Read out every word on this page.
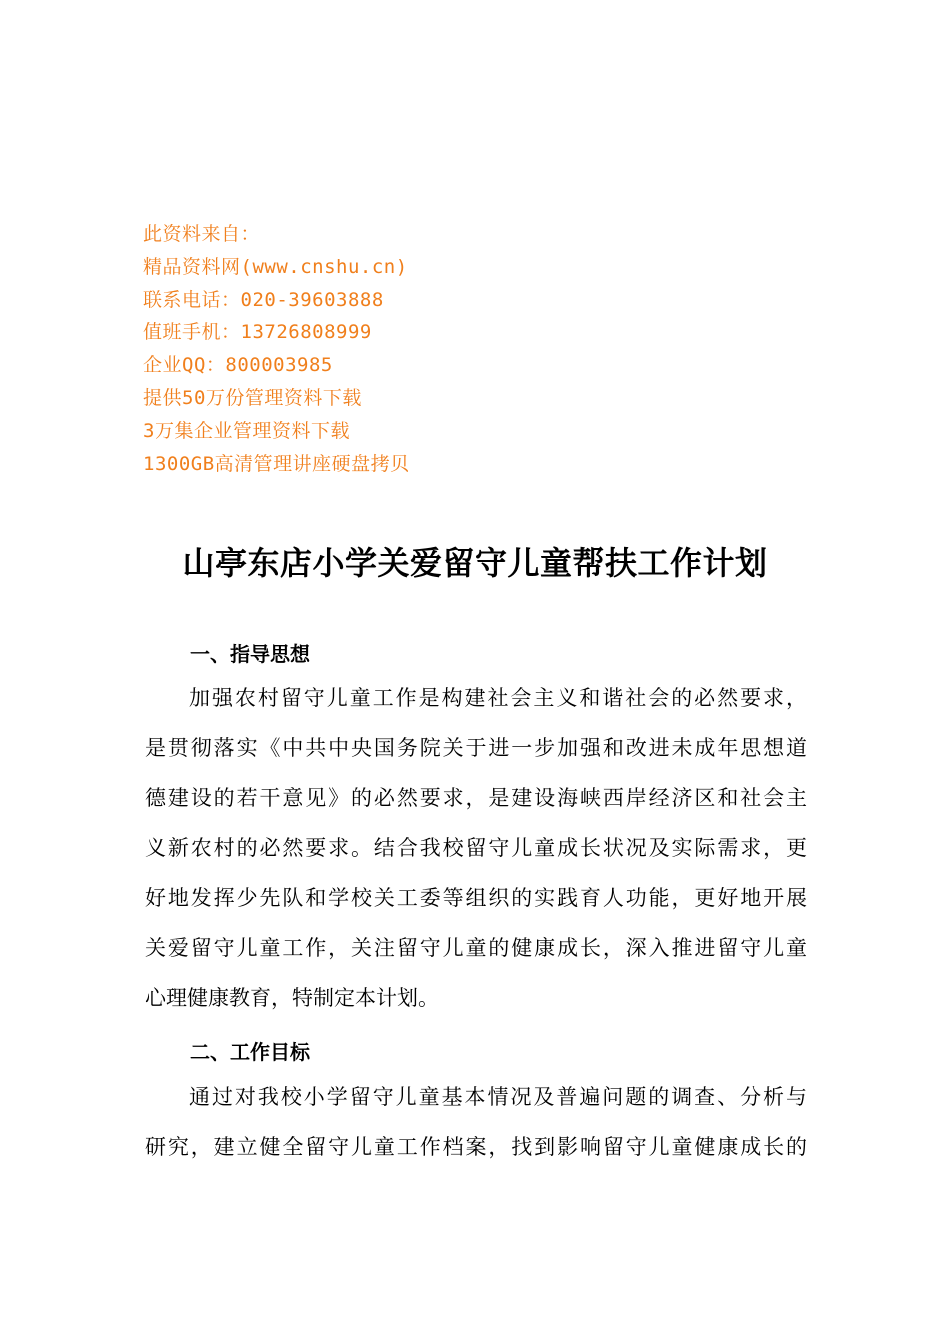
此资料来自：
精品资料网(www.cnshu.cn)
联系电话：020-39603888
值班手机：13726808999
企业QQ：800003985
提供50万份管理资料下载
3万集企业管理资料下载
1300GB高清管理讲座硬盘拷贝
山亭东店小学关爱留守儿童帮扶工作计划
一、指导思想
加强农村留守儿童工作是构建社会主义和谐社会的必然要求，
是贯彻落实《中共中央国务院关于进一步加强和改进未成年思想道
德建设的若干意见》的必然要求，是建设海峡西岸经济区和社会主
义新农村的必然要求。结合我校留守儿童成长状况及实际需求，更
好地发挥少先队和学校关工委等组织的实践育人功能，更好地开展
关爱留守儿童工作，关注留守儿童的健康成长，深入推进留守儿童
心理健康教育，特制定本计划。
二、工作目标
通过对我校小学留守儿童基本情况及普遍问题的调查、分析与
研究，建立健全留守儿童工作档案，找到影响留守儿童健康成长的
